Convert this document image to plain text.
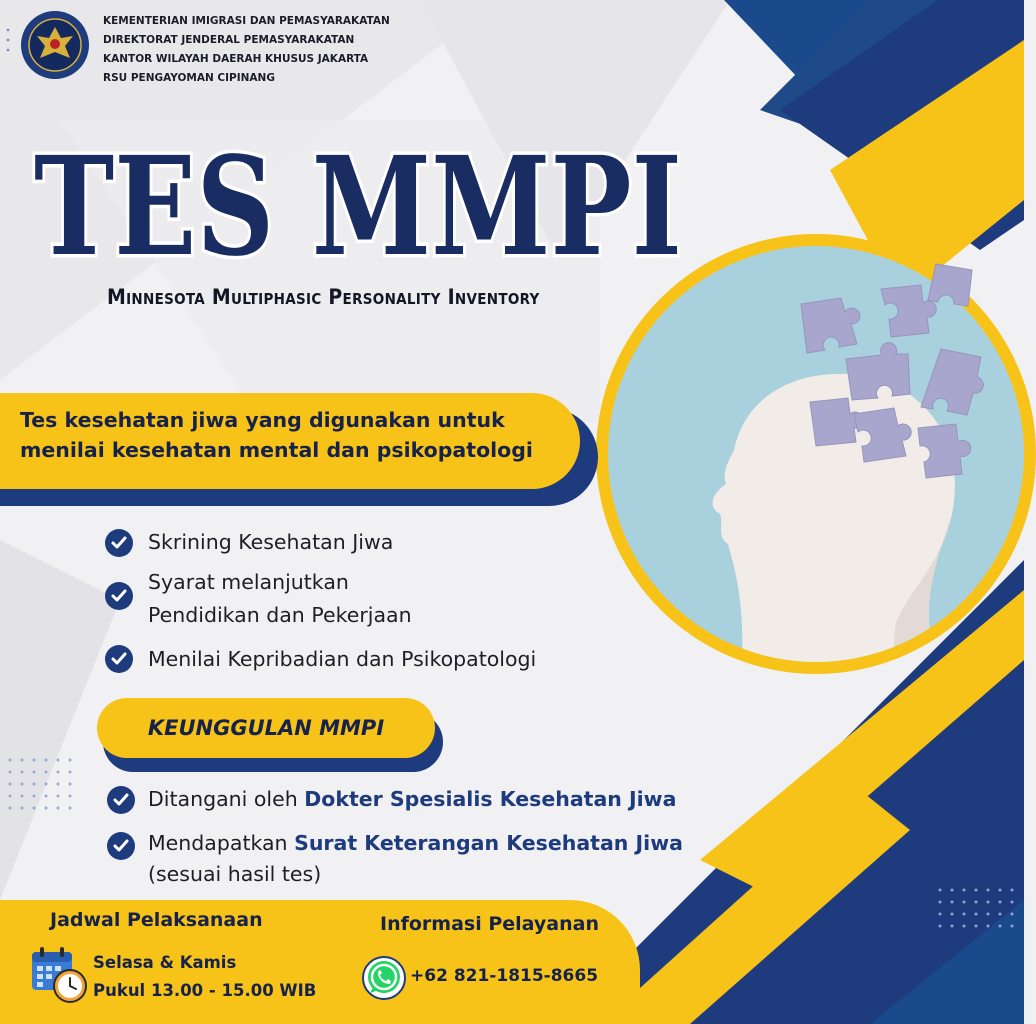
KEMENTERIAN IMIGRASI DAN PEMASYARAKATAN
DIREKTORAT JENDERAL PEMASYARAKATAN
KANTOR WILAYAH DAERAH KHUSUS JAKARTA
RSU PENGAYOMAN CIPINANG
TES MMPI
Minnesota Multiphasic Personality Inventory
Tes kesehatan jiwa yang digunakan untuk
menilai kesehatan mental dan psikopatologi
Skrining Kesehatan Jiwa
Syarat melanjutkan
Pendidikan dan Pekerjaan
Menilai Kepribadian dan Psikopatologi
KEUNGGULAN MMPI
Ditangani oleh Dokter Spesialis Kesehatan Jiwa
Mendapatkan Surat Keterangan Kesehatan Jiwa
(sesuai hasil tes)
Jadwal Pelaksanaan	Informasi Pelayanan
Selasa & Kamis
Pukul 13.00 - 15.00 WIB
+62 821-1815-8665
